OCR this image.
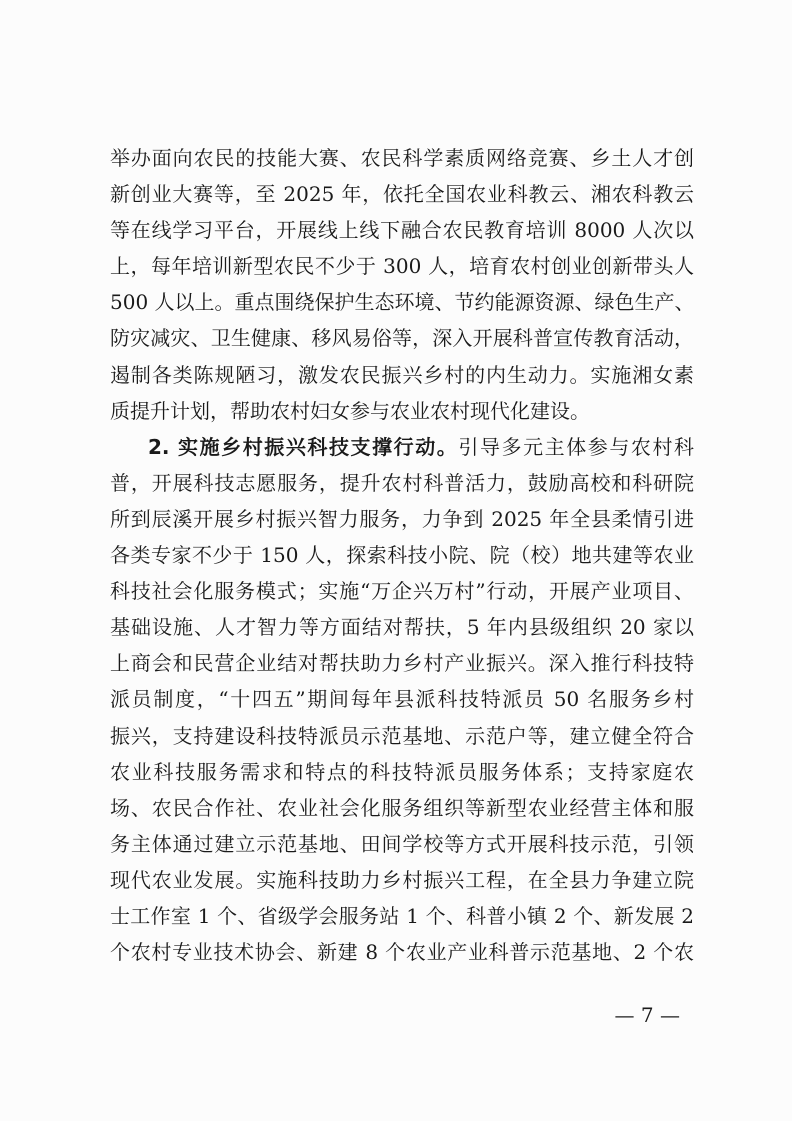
举办面向农民的技能大赛、农民科学素质网络竞赛、乡土人才创
新创业大赛等，至 2025 年，依托全国农业科教云、湘农科教云
等在线学习平台，开展线上线下融合农民教育培训 8000 人次以
上，每年培训新型农民不少于 300 人，培育农村创业创新带头人
500 人以上。重点围绕保护生态环境、节约能源资源、绿色生产、
防灾减灾、卫生健康、移风易俗等，深入开展科普宣传教育活动，
遏制各类陈规陋习，激发农民振兴乡村的内生动力。实施湘女素
质提升计划，帮助农村妇女参与农业农村现代化建设。
2. 实施乡村振兴科技支撑行动。引导多元主体参与农村科
普，开展科技志愿服务，提升农村科普活力，鼓励高校和科研院
所到辰溪开展乡村振兴智力服务，力争到 2025 年全县柔情引进
各类专家不少于 150 人，探索科技小院、院（校）地共建等农业
科技社会化服务模式；实施“万企兴万村”行动，开展产业项目、
基础设施、人才智力等方面结对帮扶，5 年内县级组织 20 家以
上商会和民营企业结对帮扶助力乡村产业振兴。深入推行科技特
派员制度，“十四五”期间每年县派科技特派员 50 名服务乡村
振兴，支持建设科技特派员示范基地、示范户等，建立健全符合
农业科技服务需求和特点的科技特派员服务体系；支持家庭农
场、农民合作社、农业社会化服务组织等新型农业经营主体和服
务主体通过建立示范基地、田间学校等方式开展科技示范，引领
现代农业发展。实施科技助力乡村振兴工程，在全县力争建立院
士工作室 1 个、省级学会服务站 1 个、科普小镇 2 个、新发展 2
个农村专业技术协会、新建 8 个农业产业科普示范基地、2 个农
— 7 —
